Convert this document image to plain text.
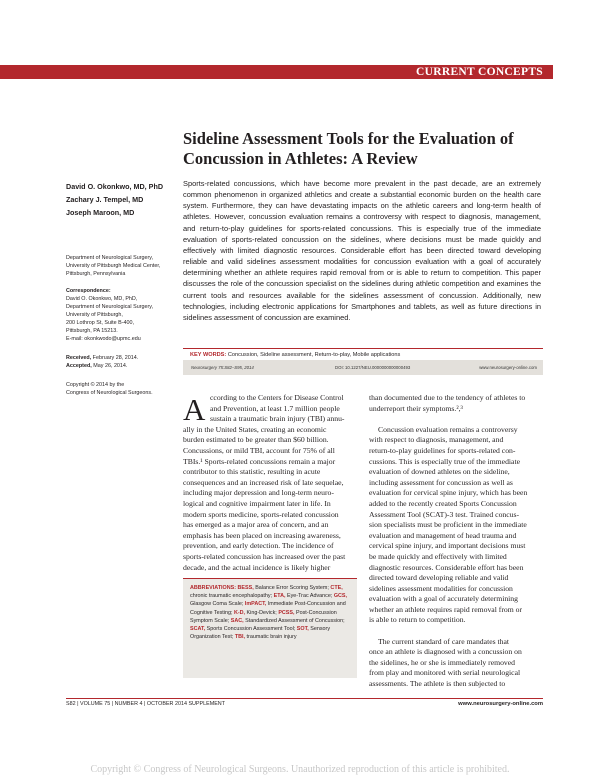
CURRENT CONCEPTS
Sideline Assessment Tools for the Evaluation of
Concussion in Athletes: A Review
David O. Okonkwo, MD, PhD
Zachary J. Tempel, MD
Joseph Maroon, MD
Department of Neurological Surgery,
University of Pittsburgh Medical Center,
Pittsburgh, Pennsylvania
Correspondence:
David O. Okonkwo, MD, PhD,
Department of Neurological Surgery,
University of Pittsburgh,
200 Lothrop St, Suite B-400,
Pittsburgh, PA 15213.
E-mail: okonkwodo@upmc.edu
Received, February 28, 2014.
Accepted, May 26, 2014.
Copyright © 2014 by the
Congress of Neurological Surgeons.
Sports-related concussions, which have become more prevalent in the past decade, are an extremely common phenomenon in organized athletics and create a substantial economic burden on the health care system. Furthermore, they can have devastating impacts on the athletic careers and long-term health of athletes. However, concussion evaluation remains a controversy with respect to diagnosis, management, and return-to-play guidelines for sports-related concussions. This is especially true of the immediate evaluation of sports-related concussion on the sidelines, where decisions must be made quickly and effectively with limited diagnostic resources. Considerable effort has been directed toward developing reliable and valid sidelines assessment modalities for concussion evaluation with a goal of accurately determining whether an athlete requires rapid removal from or is able to return to competition. This paper discusses the role of the concussion specialist on the sidelines during athletic competition and examines the current tools and resources available for the sidelines assessment of concussion. Additionally, new technologies, including electronic applications for Smartphones and tablets, as well as future directions in sidelines assessment of concussion are examined.
KEY WORDS: Concussion, Sideline assessment, Return-to-play, Mobile applications
Neurosurgery 75:S82–S95, 2014	DOI: 10.1227/NEU.0000000000000493	www.neurosurgery-online.com
A ccording to the Centers for Disease Control
and Prevention, at least 1.7 million people
sustain a traumatic brain injury (TBI) annu-
ally in the United States, creating an economic
burden estimated to be greater than $60 billion.
Concussions, or mild TBI, account for 75% of all
TBIs.¹ Sports-related concussions remain a major
contributor to this statistic, resulting in acute
consequences and an increased risk of late sequelae,
including major depression and long-term neuro-
logical and cognitive impairment later in life. In
modern sports medicine, sports-related concussion
has emerged as a major area of concern, and an
emphasis has been placed on increasing awareness,
prevention, and early detection. The incidence of
sports-related concussion has increased over the past
decade, and the actual incidence is likely higher
than documented due to the tendency of athletes to
underreport their symptoms.²,³

Concussion evaluation remains a controversy
with respect to diagnosis, management, and
return-to-play guidelines for sports-related con-
cussions. This is especially true of the immediate
evaluation of downed athletes on the sideline,
including assessment for concussion as well as
evaluation for cervical spine injury, which has been
added to the recently created Sports Concussion
Assessment Tool (SCAT)-3 test. Trained concus-
sion specialists must be proficient in the immediate
evaluation and management of head trauma and
cervical spine injury, and important decisions must
be made quickly and effectively with limited
diagnostic resources. Considerable effort has been
directed toward developing reliable and valid
sidelines assessment modalities for concussion
evaluation with a goal of accurately determining
whether an athlete requires rapid removal from or
is able to return to competition.

The current standard of care mandates that
once an athlete is diagnosed with a concussion on
the sidelines, he or she is immediately removed
from play and monitored with serial neurological
assessments. The athlete is then subjected to
ABBREVIATIONS: BESS, Balance Error Scoring System; CTE, chronic traumatic encephalopathy; ETA, Eye-Trac Advance; GCS, Glasgow Coma Scale; ImPACT, Immediate Post-Concussion and Cognitive Testing; K-D, King-Devick; PCSS, Post-Concussion Symptom Scale; SAC, Standardized Assessment of Concussion; SCAT, Sports Concussion Assessment Tool; SOT, Sensory Organization Test; TBI, traumatic brain injury
S82 | VOLUME 75 | NUMBER 4 | OCTOBER 2014 SUPPLEMENT	www.neurosurgery-online.com
Copyright © Congress of Neurological Surgeons. Unauthorized reproduction of this article is prohibited.
